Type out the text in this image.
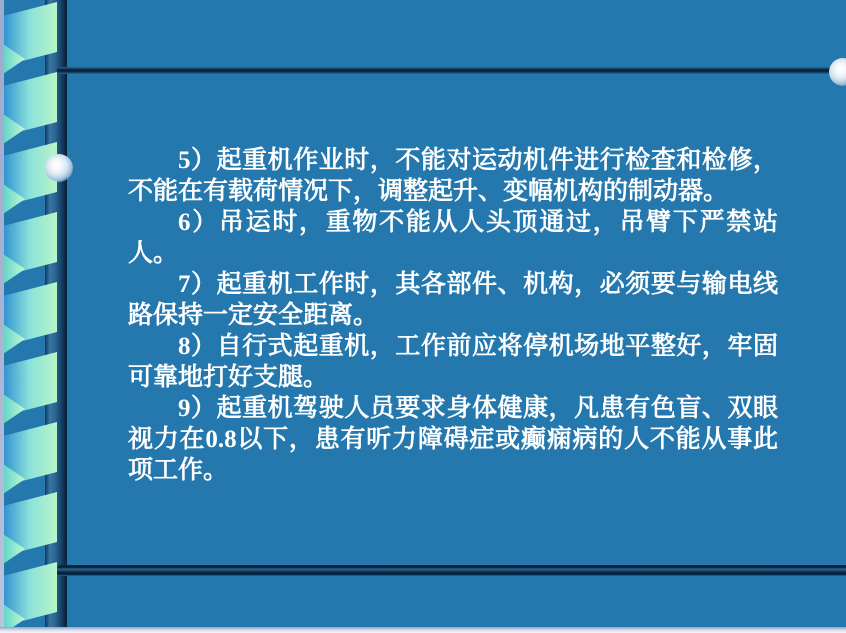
5）起重机作业时，不能对运动机件进行检查和检修，不能在有载荷情况下，调整起升、变幅机构的制动器。

6）吊运时，重物不能从人头顶通过，吊臂下严禁站人。

7）起重机工作时，其各部件、机构，必须要与输电线路保持一定安全距离。

8）自行式起重机，工作前应将停机场地平整好，牢固可靠地打好支腿。

9）起重机驾驶人员要求身体健康，凡患有色盲、双眼视力在0.8以下，患有听力障碍症或癫痫病的人不能从事此项工作。
